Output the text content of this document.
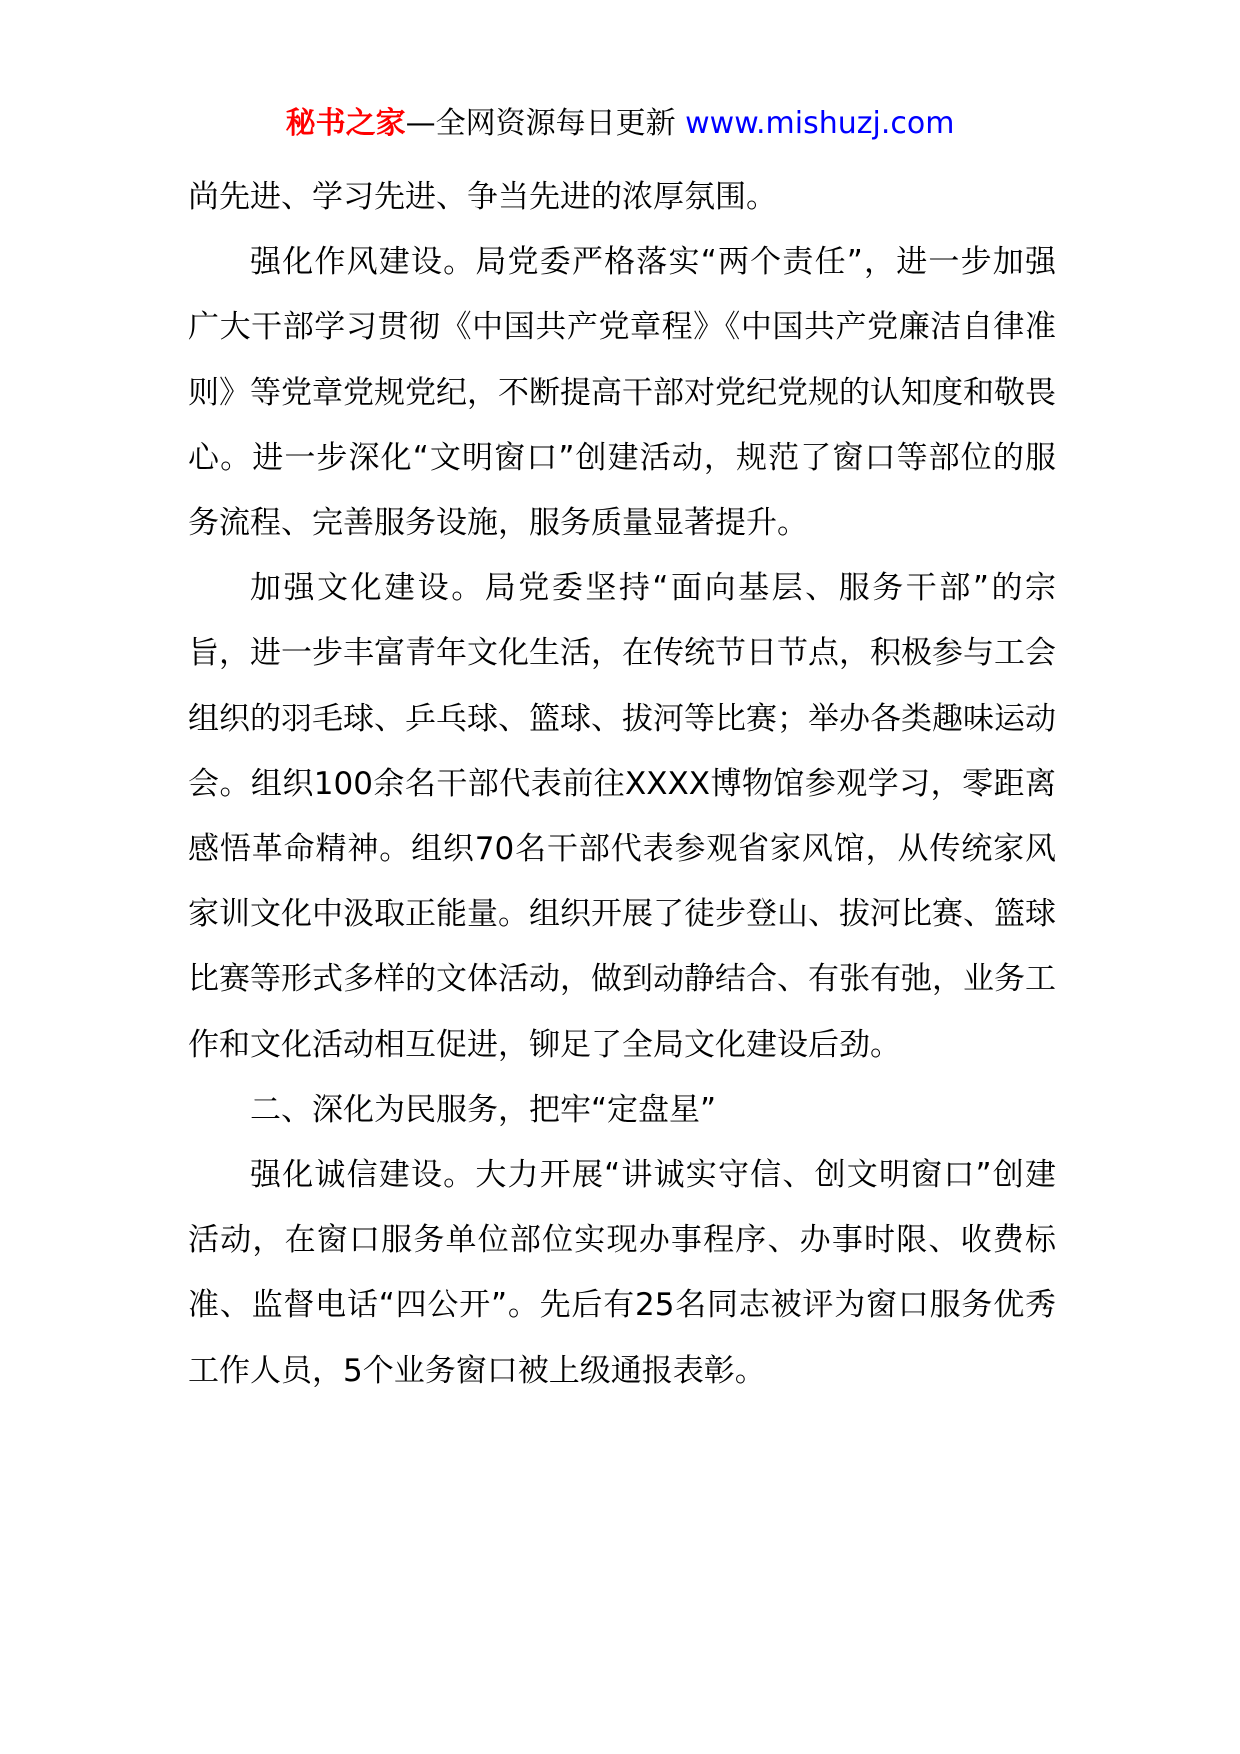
秘书之家—全网资源每日更新 www.mishuzj.com

尚先进、学习先进、争当先进的浓厚氛围。

强化作风建设。局党委严格落实“两个责任”，进一步加强广大干部学习贯彻《中国共产党章程》《中国共产党廉洁自律准则》等党章党规党纪，不断提高干部对党纪党规的认知度和敬畏心。进一步深化“文明窗口”创建活动，规范了窗口等部位的服务流程、完善服务设施，服务质量显著提升。

加强文化建设。局党委坚持“面向基层、服务干部”的宗旨，进一步丰富青年文化生活，在传统节日节点，积极参与工会组织的羽毛球、乒乓球、篮球、拔河等比赛；举办各类趣味运动会。组织100余名干部代表前往XXXX博物馆参观学习，零距离感悟革命精神。组织70名干部代表参观省家风馆，从传统家风家训文化中汲取正能量。组织开展了徒步登山、拔河比赛、篮球比赛等形式多样的文体活动，做到动静结合、有张有弛，业务工作和文化活动相互促进，铆足了全局文化建设后劲。

二、深化为民服务，把牢“定盘星”

强化诚信建设。大力开展“讲诚实守信、创文明窗口”创建活动，在窗口服务单位部位实现办事程序、办事时限、收费标准、监督电话“四公开”。先后有25名同志被评为窗口服务优秀工作人员，5个业务窗口被上级通报表彰。
